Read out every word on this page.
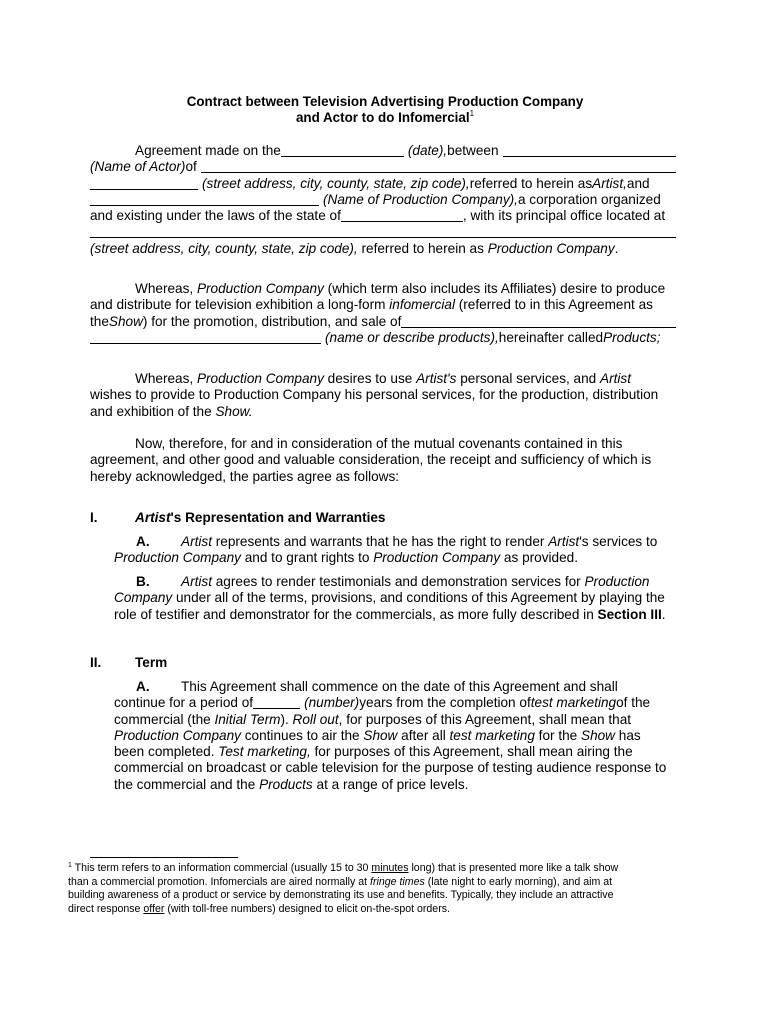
Contract between Television Advertising Production Company
and Actor to do Infomercial$^1$
Agreement made on the	(date), between
(Name of Actor) of
(street address, city, county, state, zip code), referred to herein as Artist, and
(Name of Production Company), a corporation organized
and existing under the laws of the state of	, with its principal office located at
(street address, city, county, state, zip code), referred to herein as Production Company.
Whereas, Production Company (which term also includes its Affiliates) desire to produce
and distribute for television exhibition a long-form infomercial (referred to in this Agreement as
the Show ) for the promotion, distribution, and sale of
(name or describe products), hereinafter called Products;
Whereas, Production Company desires to use Artist's personal services, and Artist
wishes to provide to Production Company his personal services, for the production, distribution
and exhibition of the Show.
Now, therefore, for and in consideration of the mutual covenants contained in this
agreement, and other good and valuable consideration, the receipt and sufficiency of which is
hereby acknowledged, the parties agree as follows:
I.	Artist's Representation and Warranties
A. Artist represents and warrants that he has the right to render Artist's services to
Production Company and to grant rights to Production Company as provided.
B. Artist agrees to render testimonials and demonstration services for Production
Company under all of the terms, provisions, and conditions of this Agreement by playing the
role of testifier and demonstrator for the commercials, as more fully described in Section III.
II. Term
A. This Agreement shall commence on the date of this Agreement and shall
continue for a period of	(number) years from the completion of test marketing of the
commercial (the Initial Term). Roll out, for purposes of this Agreement, shall mean that
Production Company continues to air the Show after all test marketing for the Show has
been completed. Test marketing, for purposes of this Agreement, shall mean airing the
commercial on broadcast or cable television for the purpose of testing audience response to
the commercial and the Products at a range of price levels.
$^1$ This term refers to an information commercial (usually 15 to 30 minutes long) that is presented more like a talk show
than a commercial promotion. Infomercials are aired normally at fringe times (late night to early morning), and aim at
building awareness of a product or service by demonstrating its use and benefits. Typically, they include an attractive
direct response offer (with toll-free numbers) designed to elicit on-the-spot orders.
